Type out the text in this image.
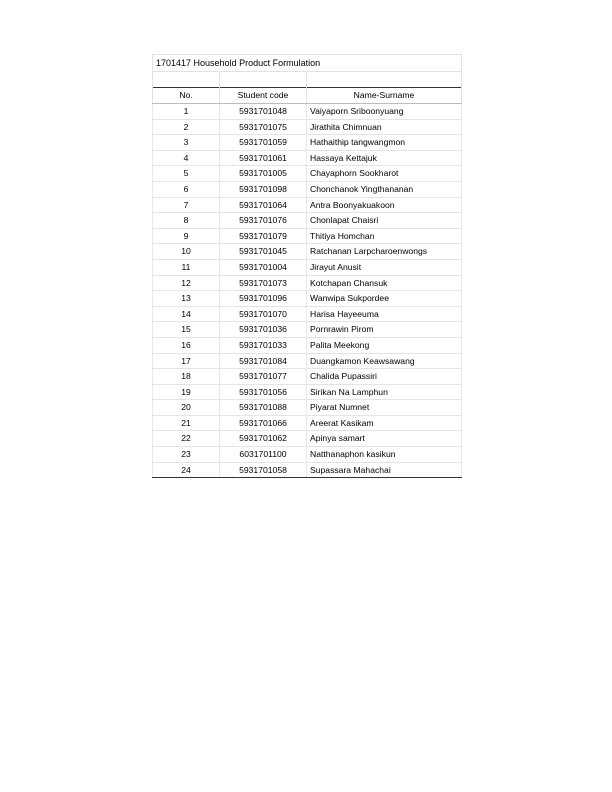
1701417 Household Product Formulation		

No.	Student code	Name-Surname
1	5931701048	Vaiyaporn Sriboonyuang
2	5931701075	Jirathita Chimnuan
3	5931701059	Hathaithip tangwangmon
4	5931701061	Hassaya Kettajuk
5	5931701005	Chayaphorn Sookharot
6	5931701098	Chonchanok Yingthananan
7	5931701064	Antra Boonyakuakoon
8	5931701076	Chonlapat Chaisri
9	5931701079	Thitiya Homchan
10	5931701045	Ratchanan Larpcharoenwongs
11	5931701004	Jirayut Anusit
12	5931701073	Kotchapan Chansuk
13	5931701096	Wanwipa Sukpordee
14	5931701070	Harisa Hayeeuma
15	5931701036	Pornrawin Pirom
16	5931701033	Palita Meekong
17	5931701084	Duangkamon Keawsawang
18	5931701077	Chalida Pupassiri
19	5931701056	Sirikan Na Lamphun
20	5931701088	Piyarat Numnet
21	5931701066	Areerat Kasikam
22	5931701062	Apinya samart
23	6031701100	Natthanaphon kasikun
24	5931701058	Supassara Mahachai
